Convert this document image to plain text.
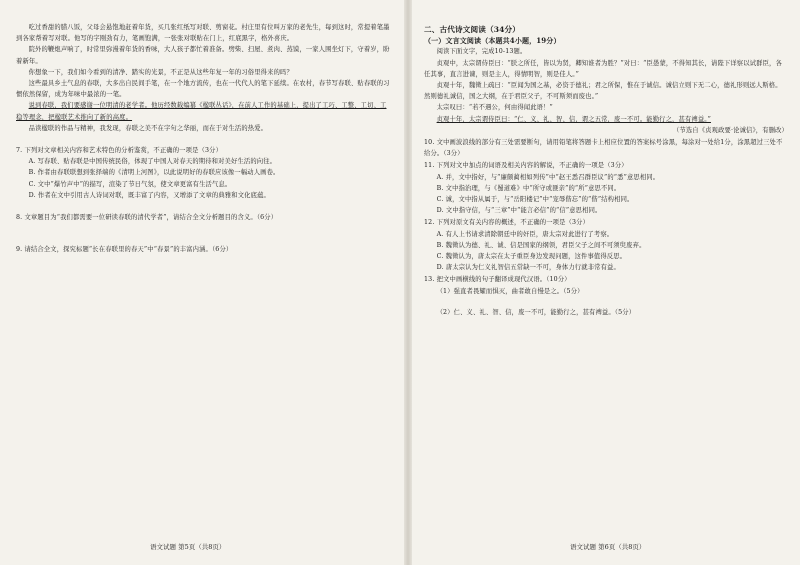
吃过香甜的腊八饭，父母会悬饱地赶着年货，买几张红纸写对联、剪窗花。村庄里有位叫万家的老先生，每到这时，常提着笔墨到各家帮着写对联。他写的字刚劲有力，笔画饱满，一张张对联贴在门上，红底黑字，格外喜庆。

院外的鞭炮声响了，时常里弥漫着年货的香味，大人孩子都忙着准备。劈柴、扫屋、煮肉、蒸馍，一家人围坐灯下，守着岁，盼着新年。

你想象一下，我们如今看到的清净、踏实的光景，不正是从这些年复一年的习俗里得来的吗？

这些最具乡土气息的春联，大多出自民间手笔，在一个地方流传，也在一代代人的笔下延续。在农村，春节写春联、贴春联的习惯依然保留，成为年味中最浓的一笔。

说到春联，我们要感谢一位明清的老学者。他历经数载编纂《楹联丛话》，在前人工作的基础上，提出了工巧、工整、工切、工稳等理念，把楹联艺术推向了新的高度。

品读楹联的作品与精神，我发现，春联之美不在字句之华丽，而在于对生活的热爱。

7. 下列对文章相关内容和艺术特色的分析鉴赏，不正确的一项是（3分）

A. 写春联、贴春联是中国传统民俗，体现了中国人对春天的期待和对美好生活的向往。

B. 作者由春联联想到张择端的《清明上河图》，以此说明好的春联应该像一幅动人画卷。

C. 文中“爆竹声中”的描写，渲染了节日气氛，使文章更富有生活气息。

D. 作者在文中引用古人诗词对联，既丰富了内容，又增添了文章的典雅和文化底蕴。

8. 文章题目为“我们都需要一位研读春联的清代学者”，请结合全文分析题目的含义。（6分）

9. 请结合全文，探究标题“长在春联里的春天”中“春景”的丰富内涵。（6分）

语文试题 第5页（共8页）

二、古代诗文阅读（34分）

（一）文言文阅读（本题共4小题，19分）

阅读下面文字，完成10-13题。

贞观中，太宗谓侍臣曰：“朕之所任，皆以为贤，卿知谁者为胜？”对曰：“臣愚蒙，不得知其长，请陛下详察以试群臣，各任其事，直言进谏，则是主人，得情明智，则是佳人。”

贞观十年，魏徵上疏曰：“臣闻为国之基，必资于德礼；君之所保，惟在于诚信。诚信立则下无二心，德礼形则远人斯格。然则德礼诚信，国之大纲，在于君臣父子，不可斯须而废也。”

太宗叹曰：“若不遇公，何由得闻此语！”

贞观十年，太宗谓侍臣曰：“仁、义、礼、智、信，谓之五常，废一不可。能勤行之，甚有裨益。”

（节选自《贞观政要·论诚信》，有删改）

10. 文中画波浪线的部分有三处需要断句，请用铅笔将答题卡上相应位置的答案标号涂黑，每涂对一处给1分，涂黑超过三处不给分。（3分）

11. 下列对文中加点的词语及相关内容的解说，不正确的一项是（3分）

A. 并，文中指好，与“廉颇蔺相如列传”中“赵王悉召群臣议”的“悉”意思相同。

B. 文中指治理，与《蜀道难》中“所守或匪亲”的“所”意思不同。

C. 诚，文中指从属于，与“岳阳楼记”中“宠辱偕忘”的“偕”结构相同。

D. 文中指守信，与“三章”中“能言必信”的“信”意思相同。

12. 下列对原文有关内容的概述，不正确的一项是（3分）

A. 有人上书请求清除朝廷中的奸臣，唐太宗对此进行了考察。

B. 魏徵认为德、礼、诚、信是国家的纲领，君臣父子之间不可须臾废弃。

C. 魏徵认为，唐太宗在太子重臣身边发现问题，这件事值得反思。

D. 唐太宗认为仁义礼智信五常缺一不可，身体力行就非常有益。

13. 把文中画横线的句子翻译成现代汉语。（10分）

（1）强直者畏耀而惧灭，曲者敢自慢是之。（5分）

（2）仁、义、礼、智、信，废一不可，能勤行之，甚有裨益。（5分）

语文试题 第6页（共8页）
